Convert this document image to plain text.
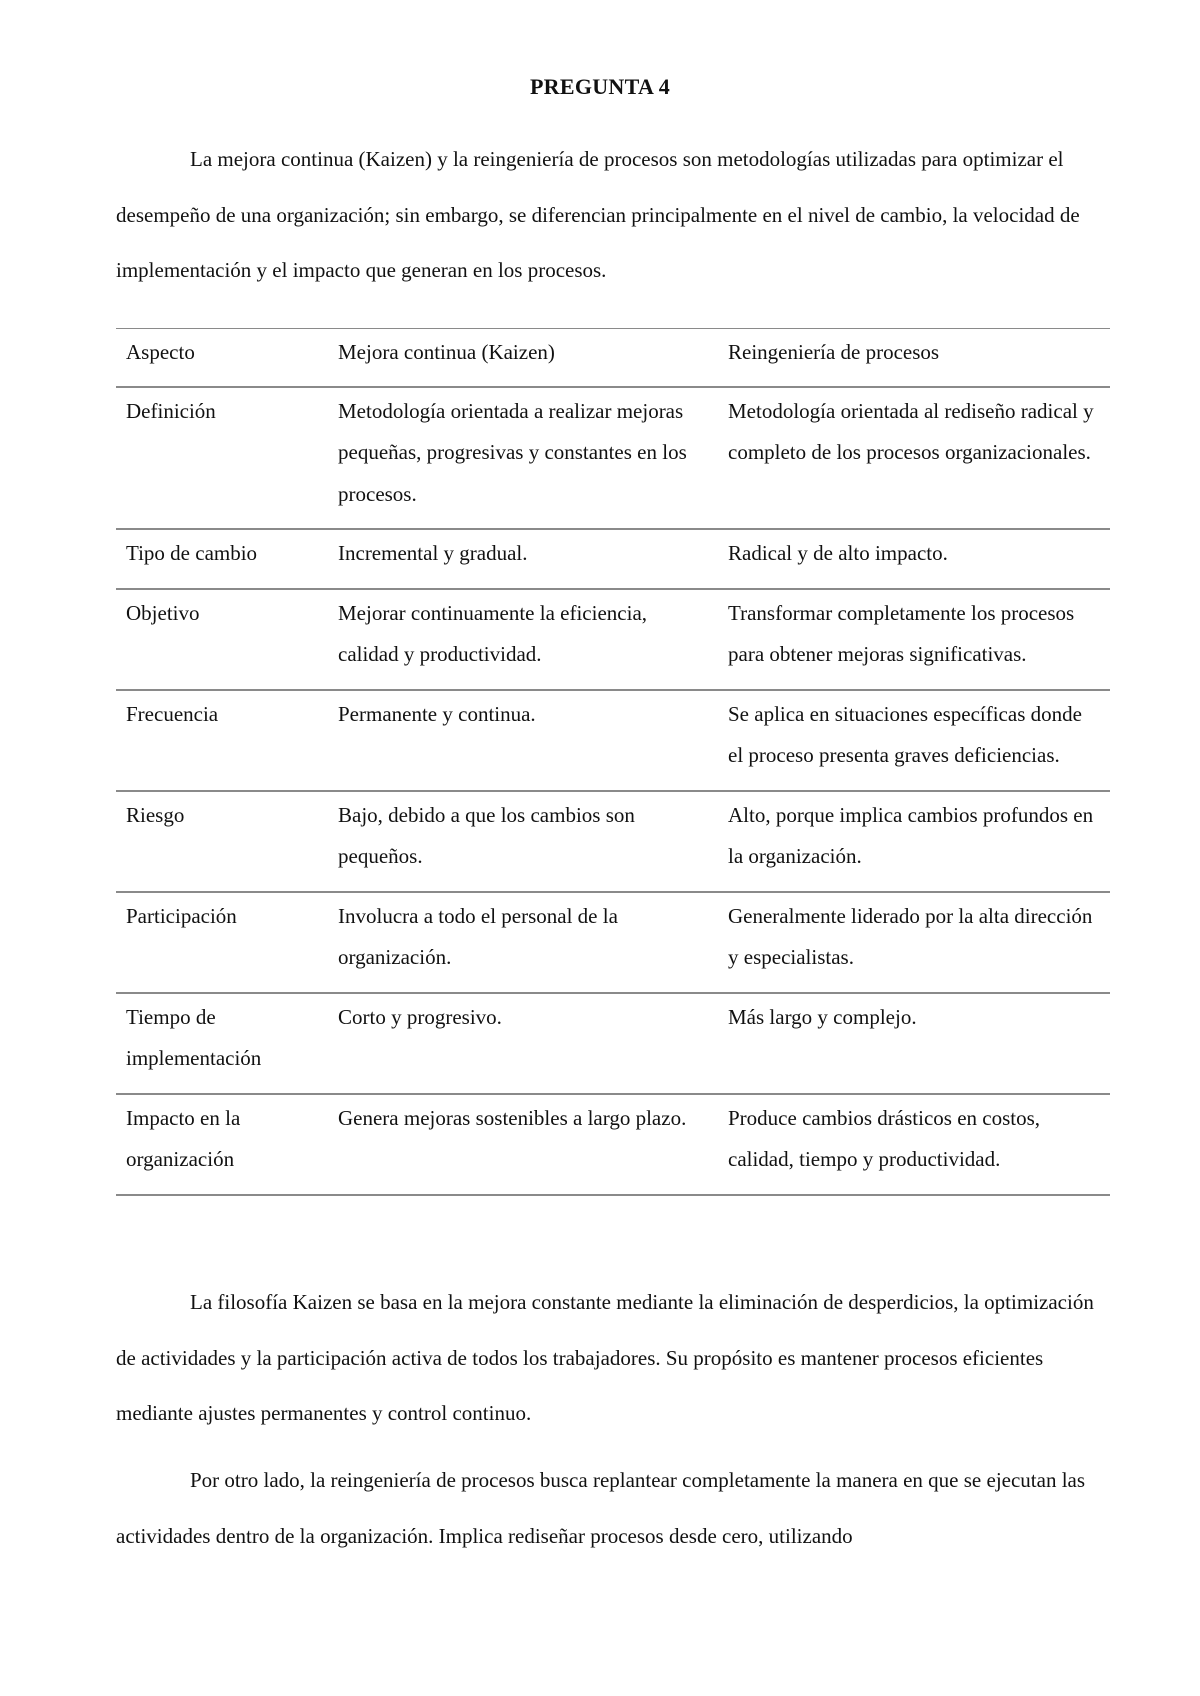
PREGUNTA 4

La mejora continua (Kaizen) y la reingeniería de procesos son metodologías utilizadas para optimizar el desempeño de una organización; sin embargo, se diferencian principalmente en el nivel de cambio, la velocidad de implementación y el impacto que generan en los procesos.

Aspecto	Mejora continua (Kaizen)	Reingeniería de procesos
Definición	Metodología orientada a realizar mejoras pequeñas, progresivas y constantes en los procesos.	Metodología orientada al rediseño radical y completo de los procesos organizacionales.
Tipo de cambio	Incremental y gradual.	Radical y de alto impacto.
Objetivo	Mejorar continuamente la eficiencia, calidad y productividad.	Transformar completamente los procesos para obtener mejoras significativas.
Frecuencia	Permanente y continua.	Se aplica en situaciones específicas donde el proceso presenta graves deficiencias.
Riesgo	Bajo, debido a que los cambios son pequeños.	Alto, porque implica cambios profundos en la organización.
Participación	Involucra a todo el personal de la organización.	Generalmente liderado por la alta dirección y especialistas.
Tiempo de implementación	Corto y progresivo.	Más largo y complejo.
Impacto en la organización	Genera mejoras sostenibles a largo plazo.	Produce cambios drásticos en costos, calidad, tiempo y productividad.

La filosofía Kaizen se basa en la mejora constante mediante la eliminación de desperdicios, la optimización de actividades y la participación activa de todos los trabajadores. Su propósito es mantener procesos eficientes mediante ajustes permanentes y control continuo.

Por otro lado, la reingeniería de procesos busca replantear completamente la manera en que se ejecutan las actividades dentro de la organización. Implica rediseñar procesos desde cero, utilizando
